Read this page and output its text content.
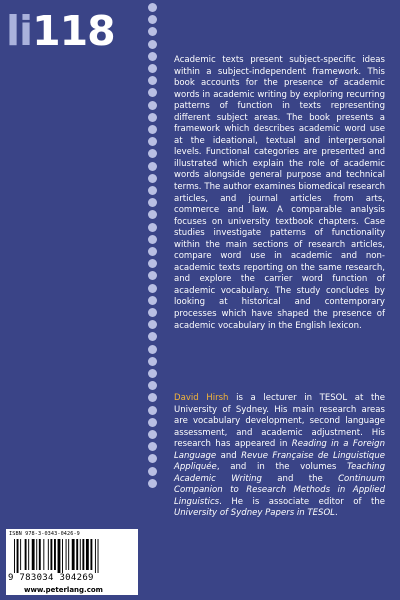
li118
Academic texts present subject-specific ideas within a subject-independent framework. This book accounts for the presence of academic words in academic writing by exploring recurring patterns of function in texts representing different subject areas. The book presents a framework which describes academic word use at the ideational, textual and interpersonal levels. Functional categories are presented and illustrated which explain the role of academic words alongside general purpose and technical terms. The author examines biomedical research articles, and journal articles from arts, commerce and law. A comparable analysis focuses on university textbook chapters. Case studies investigate patterns of functionality within the main sections of research articles, compare word use in academic and non-academic texts reporting on the same research, and explore the carrier word function of academic vocabulary. The study concludes by looking at historical and contemporary processes which have shaped the presence of academic vocabulary in the English lexicon.
David Hirsh is a lecturer in TESOL at the University of Sydney. His main research areas are vocabulary development, second language assessment, and academic adjustment. His research has appeared in Reading in a Foreign Language and Revue Française de Linguistique Appliquée, and in the volumes Teaching Academic Writing and the Continuum Companion to Research Methods in Applied Linguistics. He is associate editor of the University of Sydney Papers in TESOL.
ISBN 978-3-0343-0426-9
9 783034 304269
www.peterlang.com
